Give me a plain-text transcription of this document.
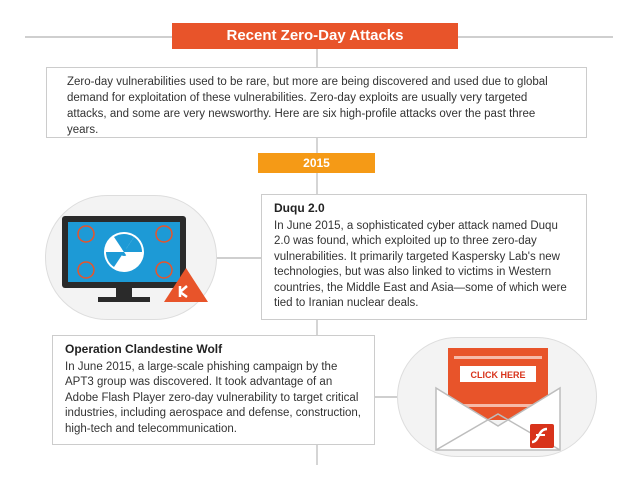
Recent Zero-Day Attacks
Zero-day vulnerabilities used to be rare, but more are being discovered and used due to global demand for exploitation of these vulnerabilities. Zero-day exploits are usually very targeted attacks, and some are very newsworthy. Here are six high-profile attacks over the past three years.
2015
Duqu 2.0
In June 2015, a sophisticated cyber attack named Duqu 2.0 was found, which exploited up to three zero-day vulnerabilities. It primarily targeted Kaspersky Lab's new technologies, but was also linked to victims in Western countries, the Middle East and Asia—some of which were tied to Iranian nuclear deals.
Operation Clandestine Wolf
In June 2015, a large-scale phishing campaign by the APT3 group was discovered. It took advantage of an Adobe Flash Player zero-day vulnerability to target critical industries, including aerospace and defense, construction, high-tech and telecommunication.
CLICK HERE
